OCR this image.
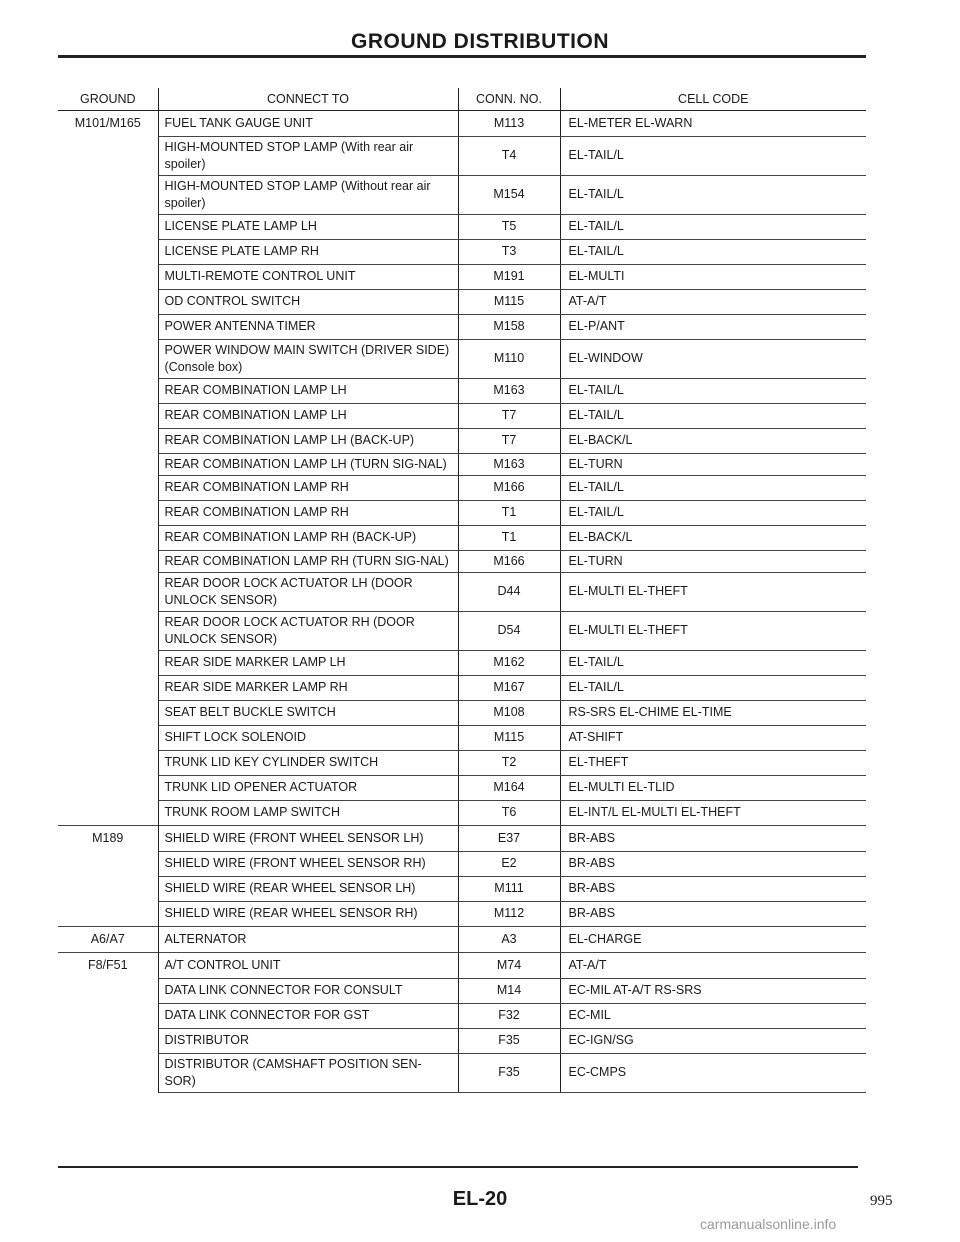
GROUND DISTRIBUTION
GROUND	CONNECT TO	CONN. NO.	CELL CODE
M101/M165	FUEL TANK GAUGE UNIT	M113	EL-METER EL-WARN
	HIGH-MOUNTED STOP LAMP (With rear air spoiler)	T4	EL-TAIL/L
	HIGH-MOUNTED STOP LAMP (Without rear air spoiler)	M154	EL-TAIL/L
	LICENSE PLATE LAMP LH	T5	EL-TAIL/L
	LICENSE PLATE LAMP RH	T3	EL-TAIL/L
	MULTI-REMOTE CONTROL UNIT	M191	EL-MULTI
	OD CONTROL SWITCH	M115	AT-A/T
	POWER ANTENNA TIMER	M158	EL-P/ANT
	POWER WINDOW MAIN SWITCH (DRIVER SIDE) (Console box)	M110	EL-WINDOW
	REAR COMBINATION LAMP LH	M163	EL-TAIL/L
	REAR COMBINATION LAMP LH	T7	EL-TAIL/L
	REAR COMBINATION LAMP LH (BACK-UP)	T7	EL-BACK/L
	REAR COMBINATION LAMP LH (TURN SIG-NAL)	M163	EL-TURN
	REAR COMBINATION LAMP RH	M166	EL-TAIL/L
	REAR COMBINATION LAMP RH	T1	EL-TAIL/L
	REAR COMBINATION LAMP RH (BACK-UP)	T1	EL-BACK/L
	REAR COMBINATION LAMP RH (TURN SIG-NAL)	M166	EL-TURN
	REAR DOOR LOCK ACTUATOR LH (DOOR UNLOCK SENSOR)	D44	EL-MULTI EL-THEFT
	REAR DOOR LOCK ACTUATOR RH (DOOR UNLOCK SENSOR)	D54	EL-MULTI EL-THEFT
	REAR SIDE MARKER LAMP LH	M162	EL-TAIL/L
	REAR SIDE MARKER LAMP RH	M167	EL-TAIL/L
	SEAT BELT BUCKLE SWITCH	M108	RS-SRS EL-CHIME EL-TIME
	SHIFT LOCK SOLENOID	M115	AT-SHIFT
	TRUNK LID KEY CYLINDER SWITCH	T2	EL-THEFT
	TRUNK LID OPENER ACTUATOR	M164	EL-MULTI EL-TLID
	TRUNK ROOM LAMP SWITCH	T6	EL-INT/L EL-MULTI EL-THEFT
M189	SHIELD WIRE (FRONT WHEEL SENSOR LH)	E37	BR-ABS
	SHIELD WIRE (FRONT WHEEL SENSOR RH)	E2	BR-ABS
	SHIELD WIRE (REAR WHEEL SENSOR LH)	M111	BR-ABS
	SHIELD WIRE (REAR WHEEL SENSOR RH)	M112	BR-ABS
A6/A7	ALTERNATOR	A3	EL-CHARGE
F8/F51	A/T CONTROL UNIT	M74	AT-A/T
	DATA LINK CONNECTOR FOR CONSULT	M14	EC-MIL AT-A/T RS-SRS
	DATA LINK CONNECTOR FOR GST	F32	EC-MIL
	DISTRIBUTOR	F35	EC-IGN/SG
	DISTRIBUTOR (CAMSHAFT POSITION SEN-SOR)	F35	EC-CMPS
EL-20	995
carmanualsonline.info
